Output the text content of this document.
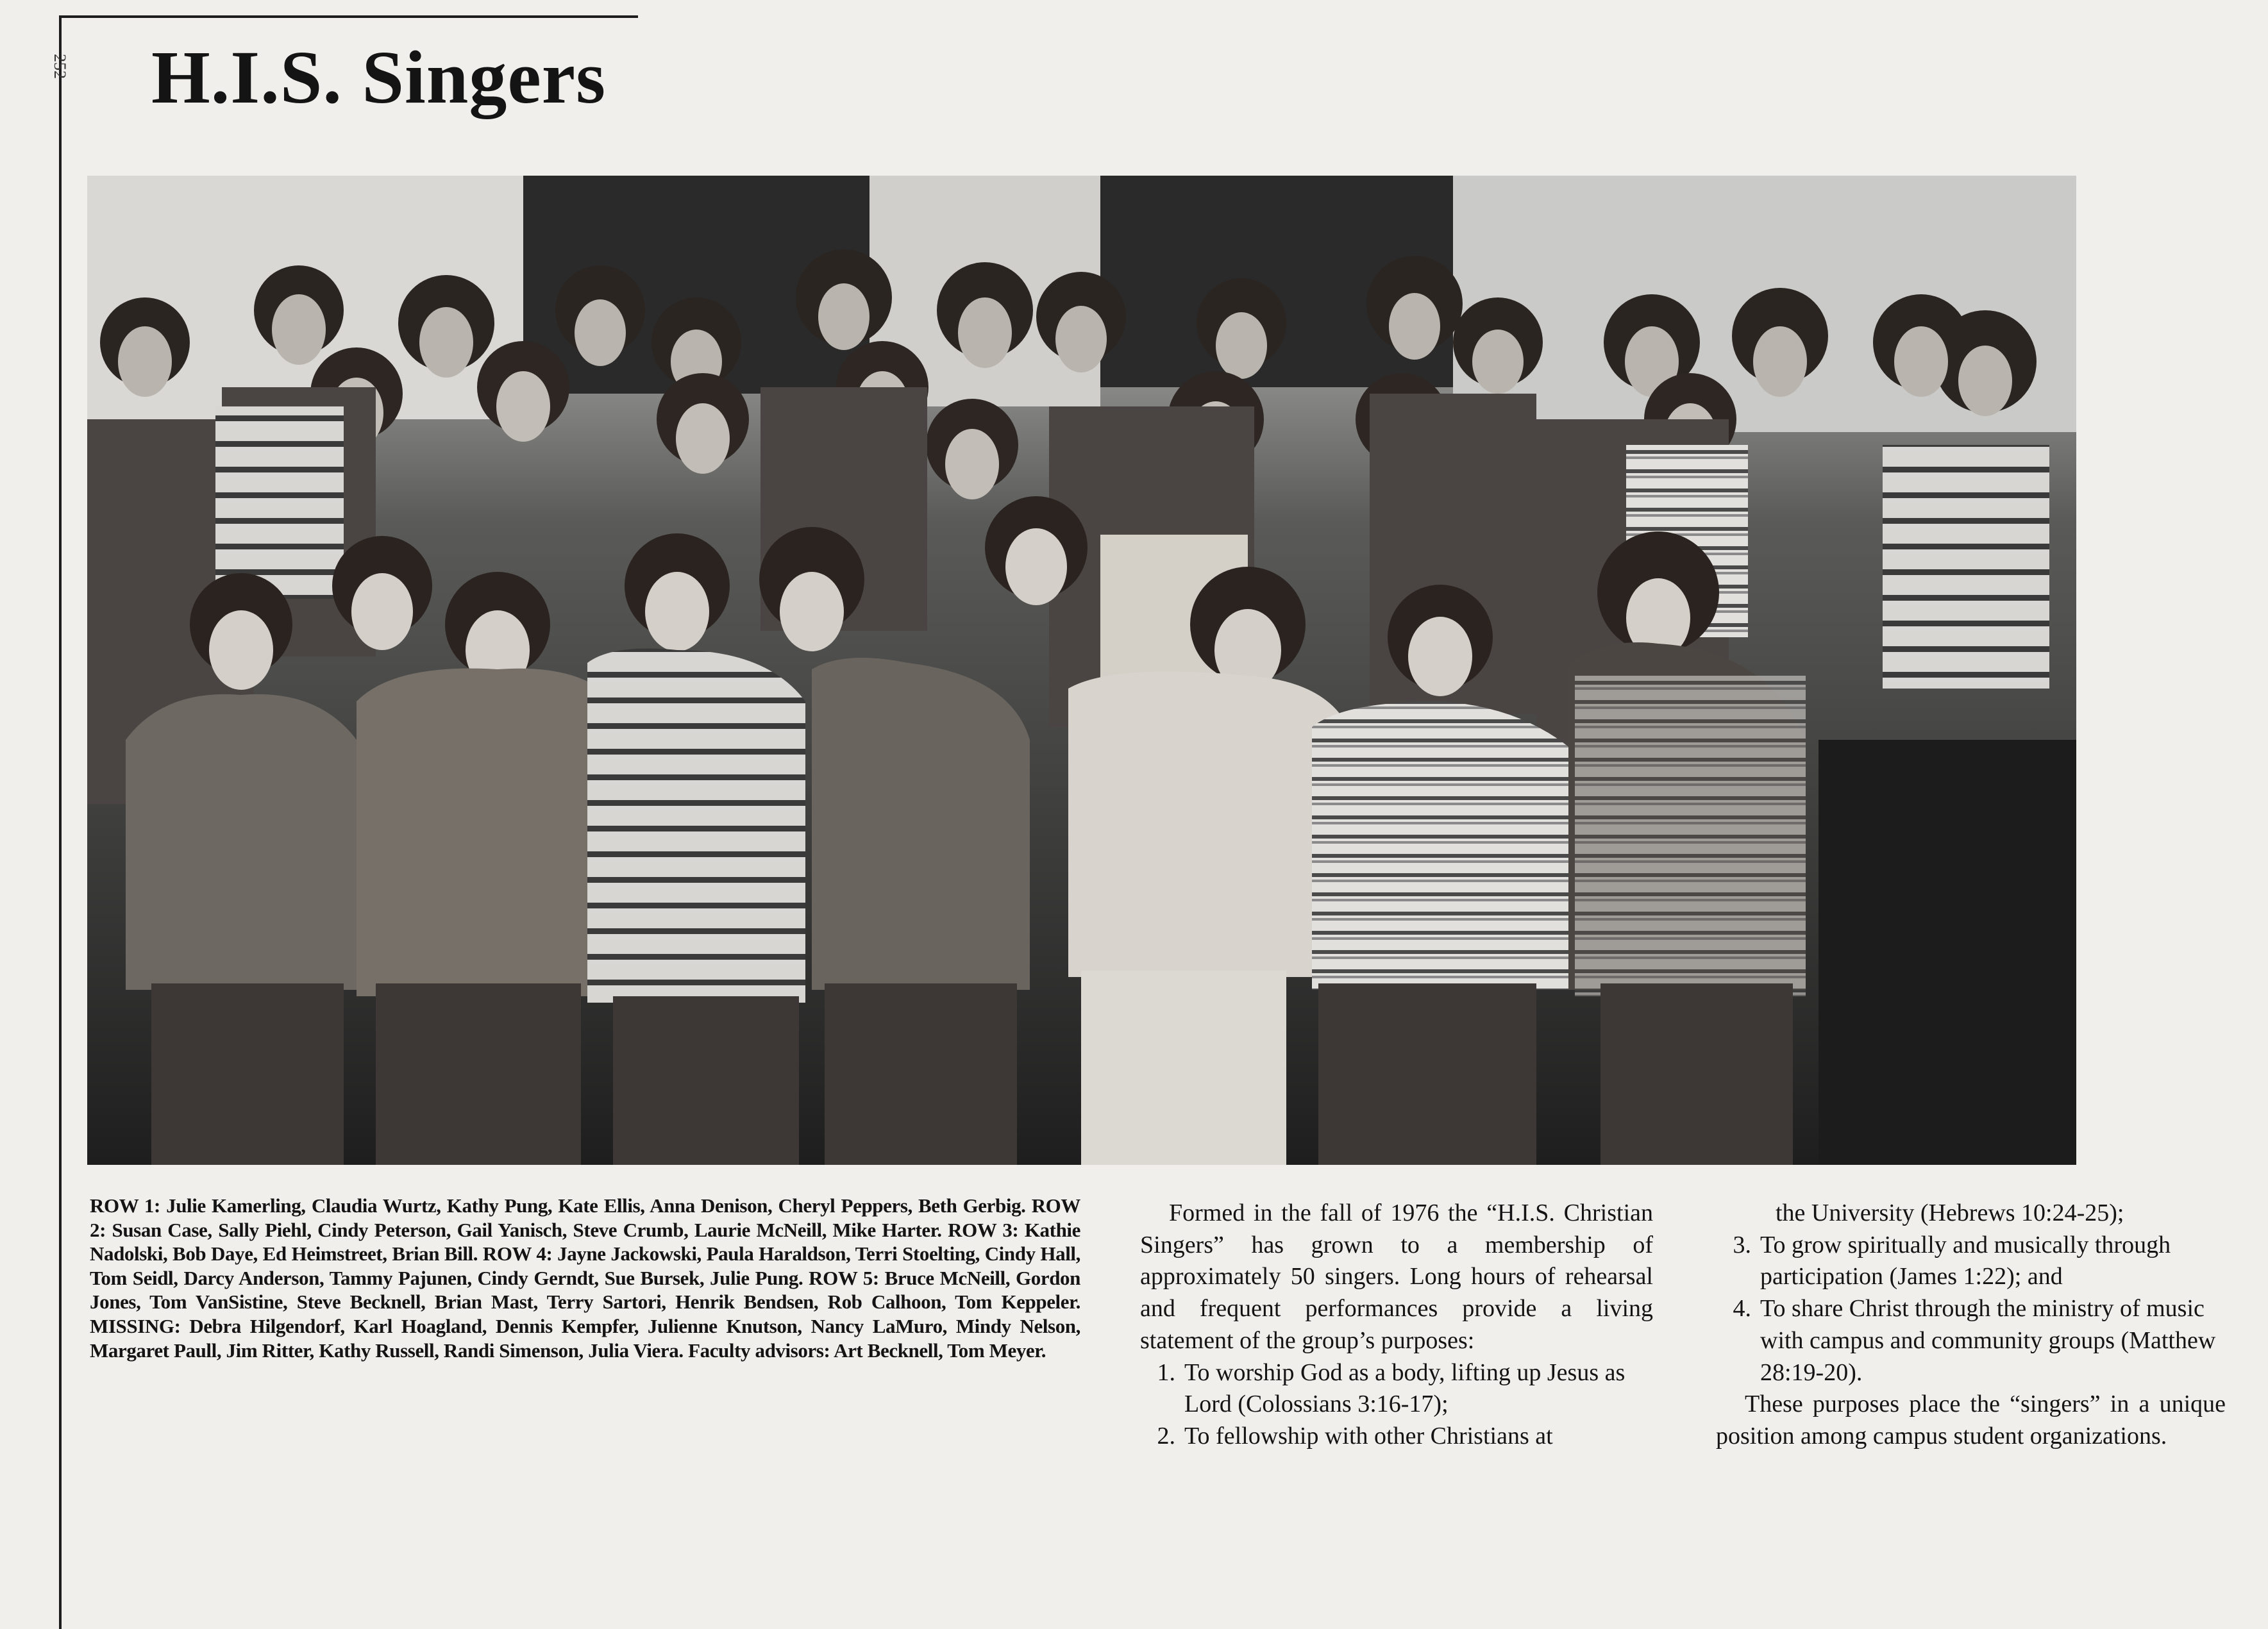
252 H.I.S. Singers
ROW 1: Julie Kamerling, Claudia Wurtz, Kathy Pung, Kate Ellis, Anna Denison, Cheryl Peppers, Beth Gerbig. ROW 2: Susan Case, Sally Piehl, Cindy Peterson, Gail Yanisch, Steve Crumb, Laurie McNeill, Mike Harter. ROW 3: Kathie Nadolski, Bob Daye, Ed Heimstreet, Brian Bill. ROW 4: Jayne Jackowski, Paula Haraldson, Terri Stoelting, Cindy Hall, Tom Seidl, Darcy Anderson, Tammy Pajunen, Cindy Gerndt, Sue Bursek, Julie Pung. ROW 5: Bruce McNeill, Gordon Jones, Tom VanSistine, Steve Becknell, Brian Mast, Terry Sartori, Henrik Bendsen, Rob Calhoon, Tom Keppeler. MISSING: Debra Hilgendorf, Karl Hoagland, Dennis Kempfer, Julienne Knutson, Nancy LaMuro, Mindy Nelson, Margaret Paull, Jim Ritter, Kathy Russell, Randi Simenson, Julia Viera. Faculty advisors: Art Becknell, Tom Meyer.

Formed in the fall of 1976 the “H.I.S. Christian Singers” has grown to a membership of approximately 50 singers. Long hours of rehearsal and frequent performances provide a living statement of the group’s purposes:

1. To worship God as a body, lifting up Jesus as Lord (Colossians 3:16-17);
2. To fellowship with other Christians at

the University (Hebrews 10:24-25);

3. To grow spiritually and musically through participation (James 1:22); and
4. To share Christ through the ministry of music with campus and community groups (Matthew 28:19-20).

These purposes place the “singers” in a unique position among campus student organizations.
